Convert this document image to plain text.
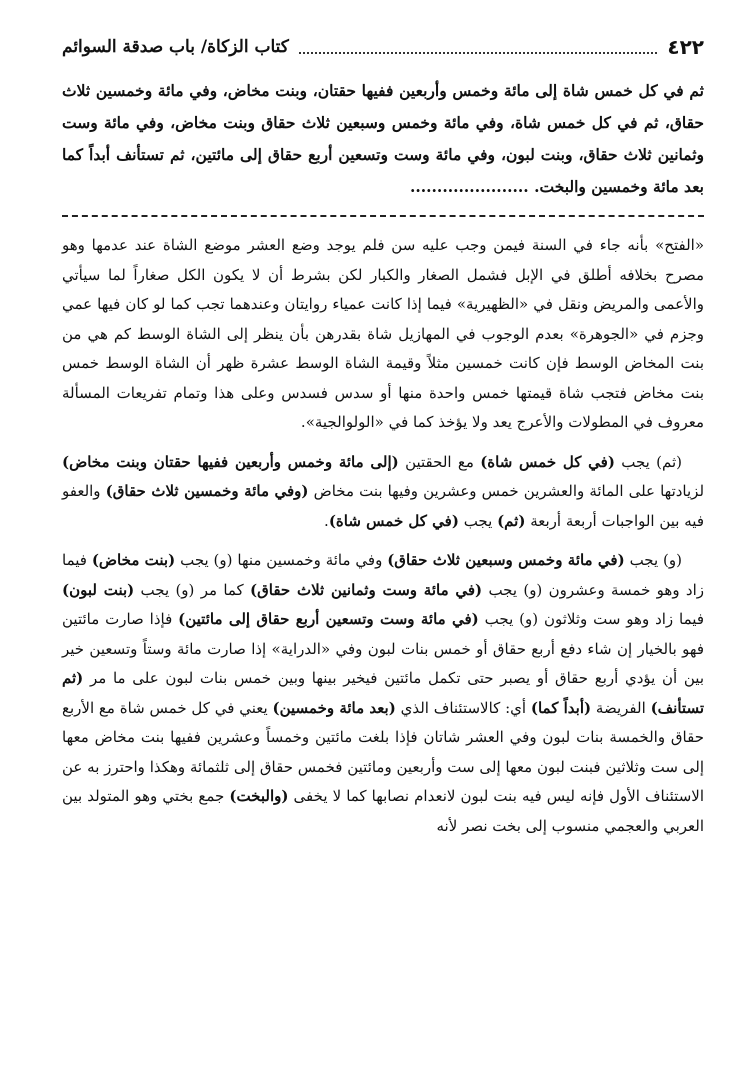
٤٢٢
كتاب الزكاة/ باب صدقة السوائم
ثم في كل خمس شاة إلى مائة وخمس وأربعين ففيها حقتان، وبنت مخاض، وفي مائة وخمسين ثلاث حقاق، ثم في كل خمس شاة، وفي مائة وخمس وسبعين ثلاث حقاق وبنت مخاض، وفي مائة وست وثمانين ثلاث حقاق، وبنت لبون، وفي مائة وست وتسعين أربع حقاق إلى مائتين، ثم تستأنف أبداً كما بعد مائة وخمسين والبخت. ......................

«الفتح» بأنه جاء في السنة فيمن وجب عليه سن فلم يوجد وضع العشر موضع الشاة عند عدمها وهو مصرح بخلافه أطلق في الإبل فشمل الصغار والكبار لكن بشرط أن لا يكون الكل صغاراً لما سيأتي والأعمى والمريض ونقل في «الظهيرية» فيما إذا كانت عمياء روايتان وعندهما تجب كما لو كان فيها عمي وجزم في «الجوهرة» بعدم الوجوب في المهازيل شاة بقدرهن بأن ينظر إلى الشاة الوسط كم هي من بنت المخاض الوسط فإن كانت خمسين مثلاً وقيمة الشاة الوسط عشرة ظهر أن الشاة الوسط خمس بنت مخاض فتجب شاة قيمتها خمس واحدة منها أو سدس فسدس وعلى هذا وتمام تفريعات المسألة معروف في المطولات والأعرج يعد ولا يؤخذ كما في «الولوالجية».

(ثم) يجب (في كل خمس شاة) مع الحقتين (إلى مائة وخمس وأربعين ففيها حقتان وبنت مخاض) لزيادتها على المائة والعشرين خمس وعشرين وفيها بنت مخاض (وفي مائة وخمسين ثلاث حقاق) والعفو فيه بين الواجبات أربعة أربعة (ثم) يجب (في كل خمس شاة).

(و) يجب (في مائة وخمس وسبعين ثلاث حقاق) وفي مائة وخمسين منها (و) يجب (بنت مخاض) فيما زاد وهو خمسة وعشرون (و) يجب (في مائة وست وثمانين ثلاث حقاق) كما مر (و) يجب (بنت لبون) فيما زاد وهو ست وثلاثون (و) يجب (في مائة وست وتسعين أربع حقاق إلى مائتين) فإذا صارت مائتين فهو بالخيار إن شاء دفع أربع حقاق أو خمس بنات لبون وفي «الدراية» إذا صارت مائة وستاً وتسعين خير بين أن يؤدي أربع حقاق أو يصبر حتى تكمل مائتين فيخير بينها وبين خمس بنات لبون على ما مر (ثم تستأنف) الفريضة (أبداً كما) أي: كالاستئناف الذي (بعد مائة وخمسين) يعني في كل خمس شاة مع الأربع حقاق والخمسة بنات لبون وفي العشر شاتان فإذا بلغت مائتين وخمساً وعشرين ففيها بنت مخاض معها إلى ست وثلاثين فبنت لبون معها إلى ست وأربعين ومائتين فخمس حقاق إلى ثلثمائة وهكذا واحترز به عن الاستئناف الأول فإنه ليس فيه بنت لبون لانعدام نصابها كما لا يخفى (والبخت) جمع بختي وهو المتولد بين العربي والعجمي منسوب إلى بخت نصر لأنه
